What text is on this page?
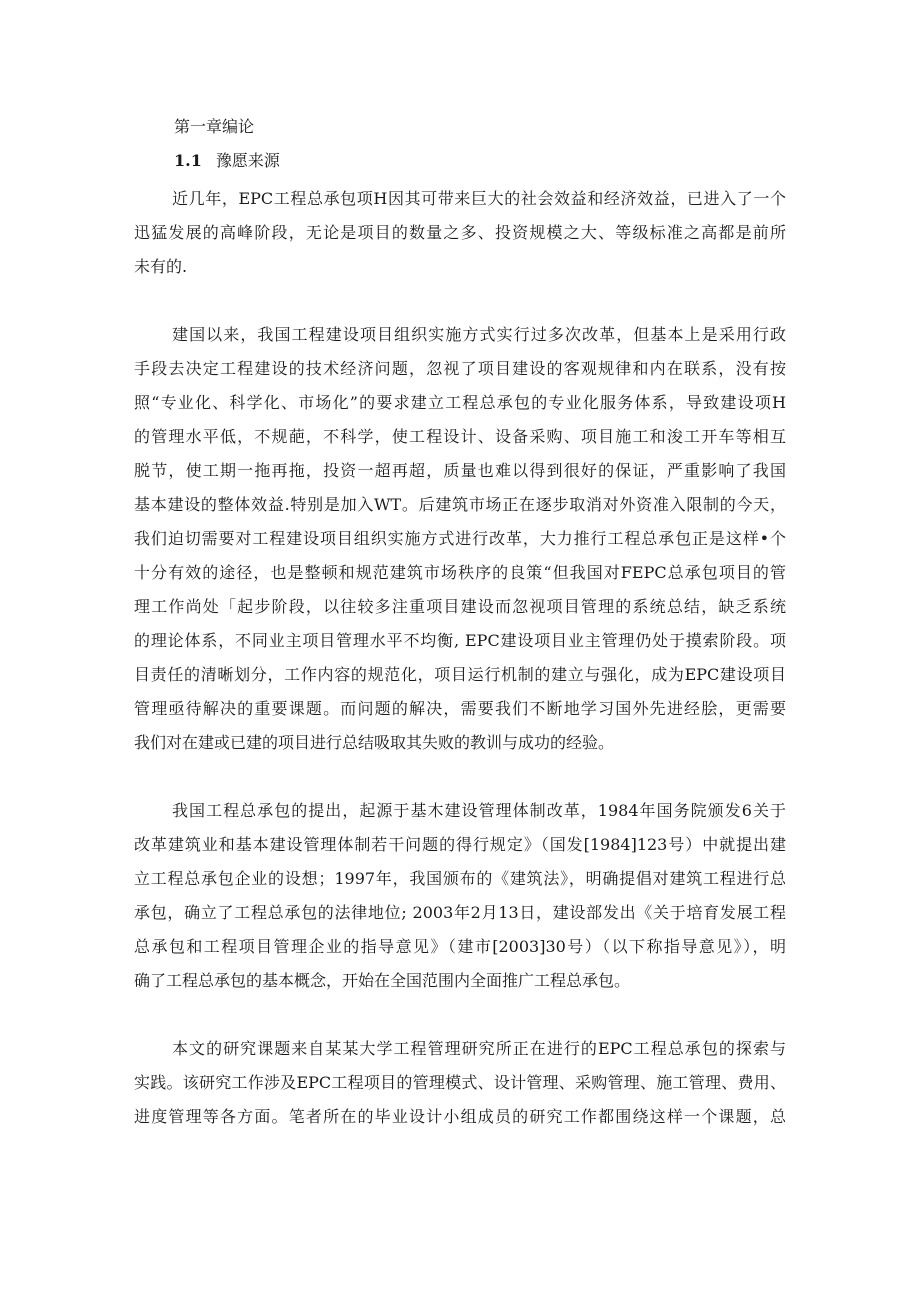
第一章编论
1.1 豫愿来源
近几年，EPC工程总承包项H因其可带来巨大的社会效益和经济效益，已进入了一个
迅猛发展的高峰阶段，无论是项目的数量之多、投资规模之大、等级标准之高都是前所
未有的.
建国以来，我国工程建设项目组织实施方式实行过多次改革，但基本上是采用行政
手段去决定工程建设的技术经济问题，忽视了项目建设的客观规律和内在联系，没有按
照“专业化、科学化、市场化”的要求建立工程总承包的专业化服务体系，导致建设项H
的管理水平低，不规葩，不科学，使工程设计、设备采购、项目施工和浚工开车等相互
脱节，使工期一拖再拖，投资一超再超，质量也难以得到很好的保证，严重影响了我国
基本建设的整体效益.特别是加入WT。后建筑市场正在逐步取消对外资准入限制的今天，
我们迫切需要对工程建设项目组织实施方式进行改革，大力推行工程总承包正是这样•个
十分有效的途径，也是整顿和规范建筑市场秩序的良策“但我国对FEPC总承包项目的管
理工作尚处「起步阶段，以往较多注重项目建设而忽视项目管理的系统总结，缺乏系统
的理论体系，不同业主项目管理水平不均衡, EPC建设项目业主管理仍处于摸索阶段。项
目责任的清晰划分，工作内容的规范化，项目运行机制的建立与强化，成为EPC建设项目
管理亟待解决的重要课题。而问题的解决，需要我们不断地学习国外先进经脍，更需要
我们对在建或已建的项目进行总结吸取其失败的教训与成功的经验。
我国工程总承包的提出，起源于基木建设管理体制改革，1984年国务院颁发6关于
改革建筑业和基本建设管理体制若干问题的得行规定》（国发[1984]123号）中就提出建
立工程总承包企业的设想；1997年，我国颁布的《建筑法》，明确提倡对建筑工程进行总
承包，确立了工程总承包的法律地位; 2003年2月13日，建设部发出《关于培育发展工程
总承包和工程项目管理企业的指导意见》（建市[2003]30号）（以下称指导意见》），明
确了工程总承包的基本概念，开始在全国范围内全面推广工程总承包。
本文的研究课题来自某某大学工程管理研究所正在进行的EPC工程总承包的探索与
实践。该研究工作涉及EPC工程项目的管理模式、设计管理、采购管理、施工管理、费用、
进度管理等各方面。笔者所在的毕业设计小组成员的研究工作都围绕这样一个课题，总
